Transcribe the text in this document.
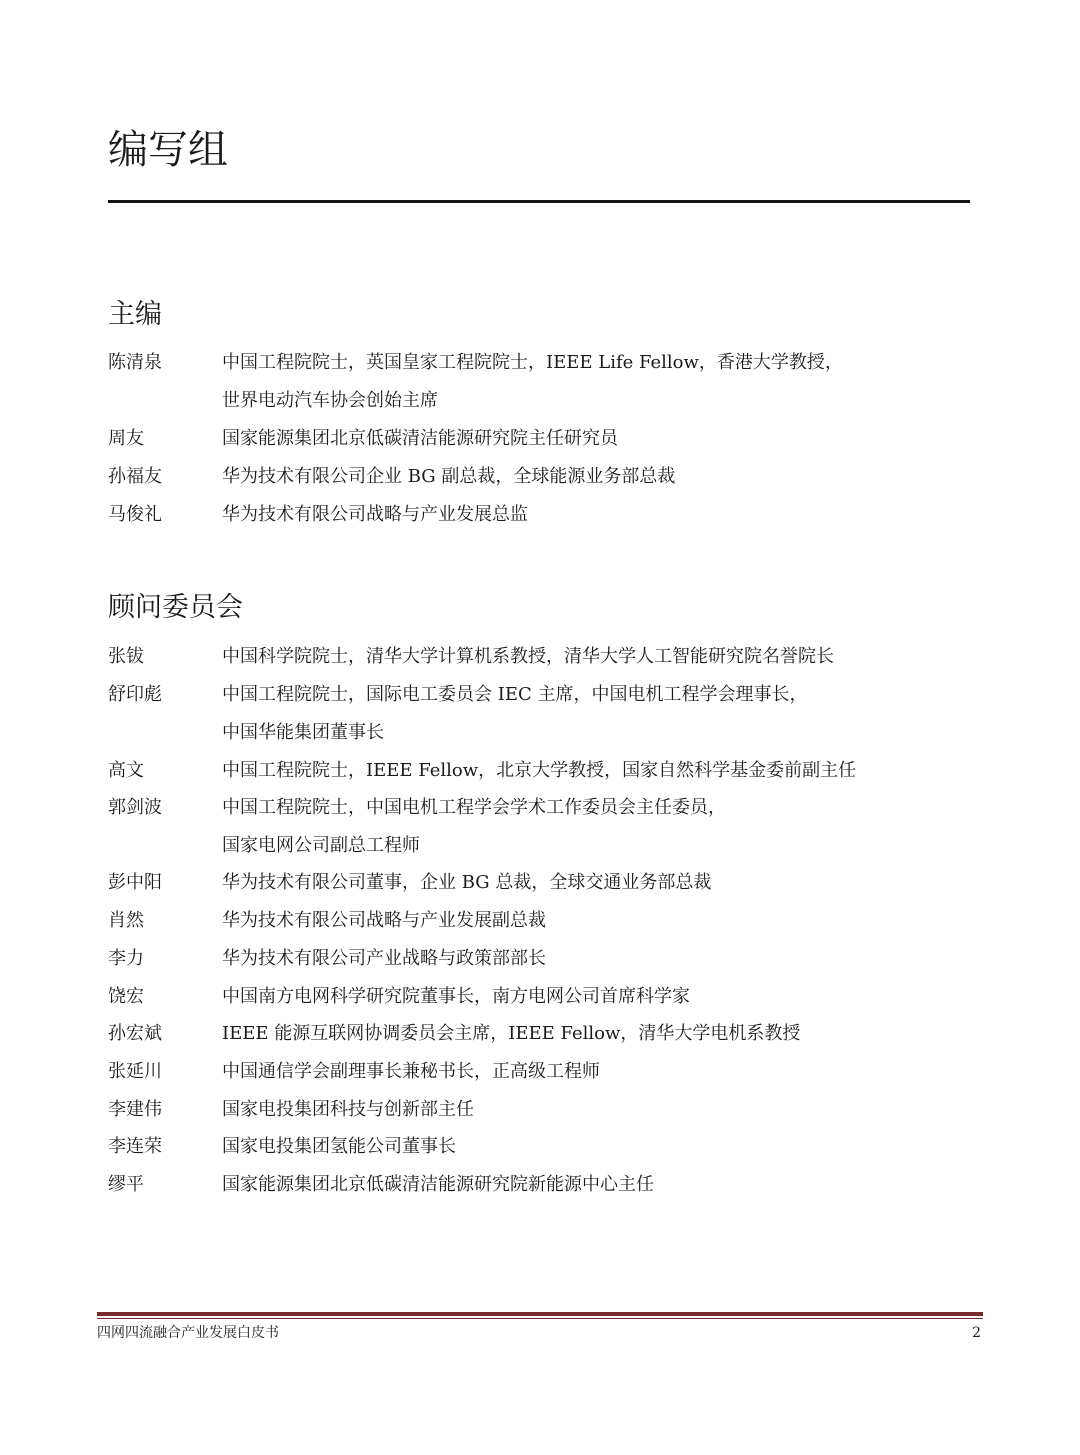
编写组
主编
陈清泉	中国工程院院士，英国皇家工程院院士，IEEE Life Fellow，香港大学教授，
世界电动汽车协会创始主席
周友	国家能源集团北京低碳清洁能源研究院主任研究员
孙福友	华为技术有限公司企业 BG 副总裁，全球能源业务部总裁
马俊礼	华为技术有限公司战略与产业发展总监
顾问委员会
张钹	中国科学院院士，清华大学计算机系教授，清华大学人工智能研究院名誉院长
舒印彪	中国工程院院士，国际电工委员会 IEC 主席，中国电机工程学会理事长，
中国华能集团董事长
高文	中国工程院院士，IEEE Fellow，北京大学教授，国家自然科学基金委前副主任
郭剑波	中国工程院院士，中国电机工程学会学术工作委员会主任委员，
国家电网公司副总工程师
彭中阳	华为技术有限公司董事，企业 BG 总裁，全球交通业务部总裁
肖然	华为技术有限公司战略与产业发展副总裁
李力	华为技术有限公司产业战略与政策部部长
饶宏	中国南方电网科学研究院董事长，南方电网公司首席科学家
孙宏斌	IEEE 能源互联网协调委员会主席，IEEE Fellow，清华大学电机系教授
张延川	中国通信学会副理事长兼秘书长，正高级工程师
李建伟	国家电投集团科技与创新部主任
李连荣	国家电投集团氢能公司董事长
缪平	国家能源集团北京低碳清洁能源研究院新能源中心主任
四网四流融合产业发展白皮书	2
